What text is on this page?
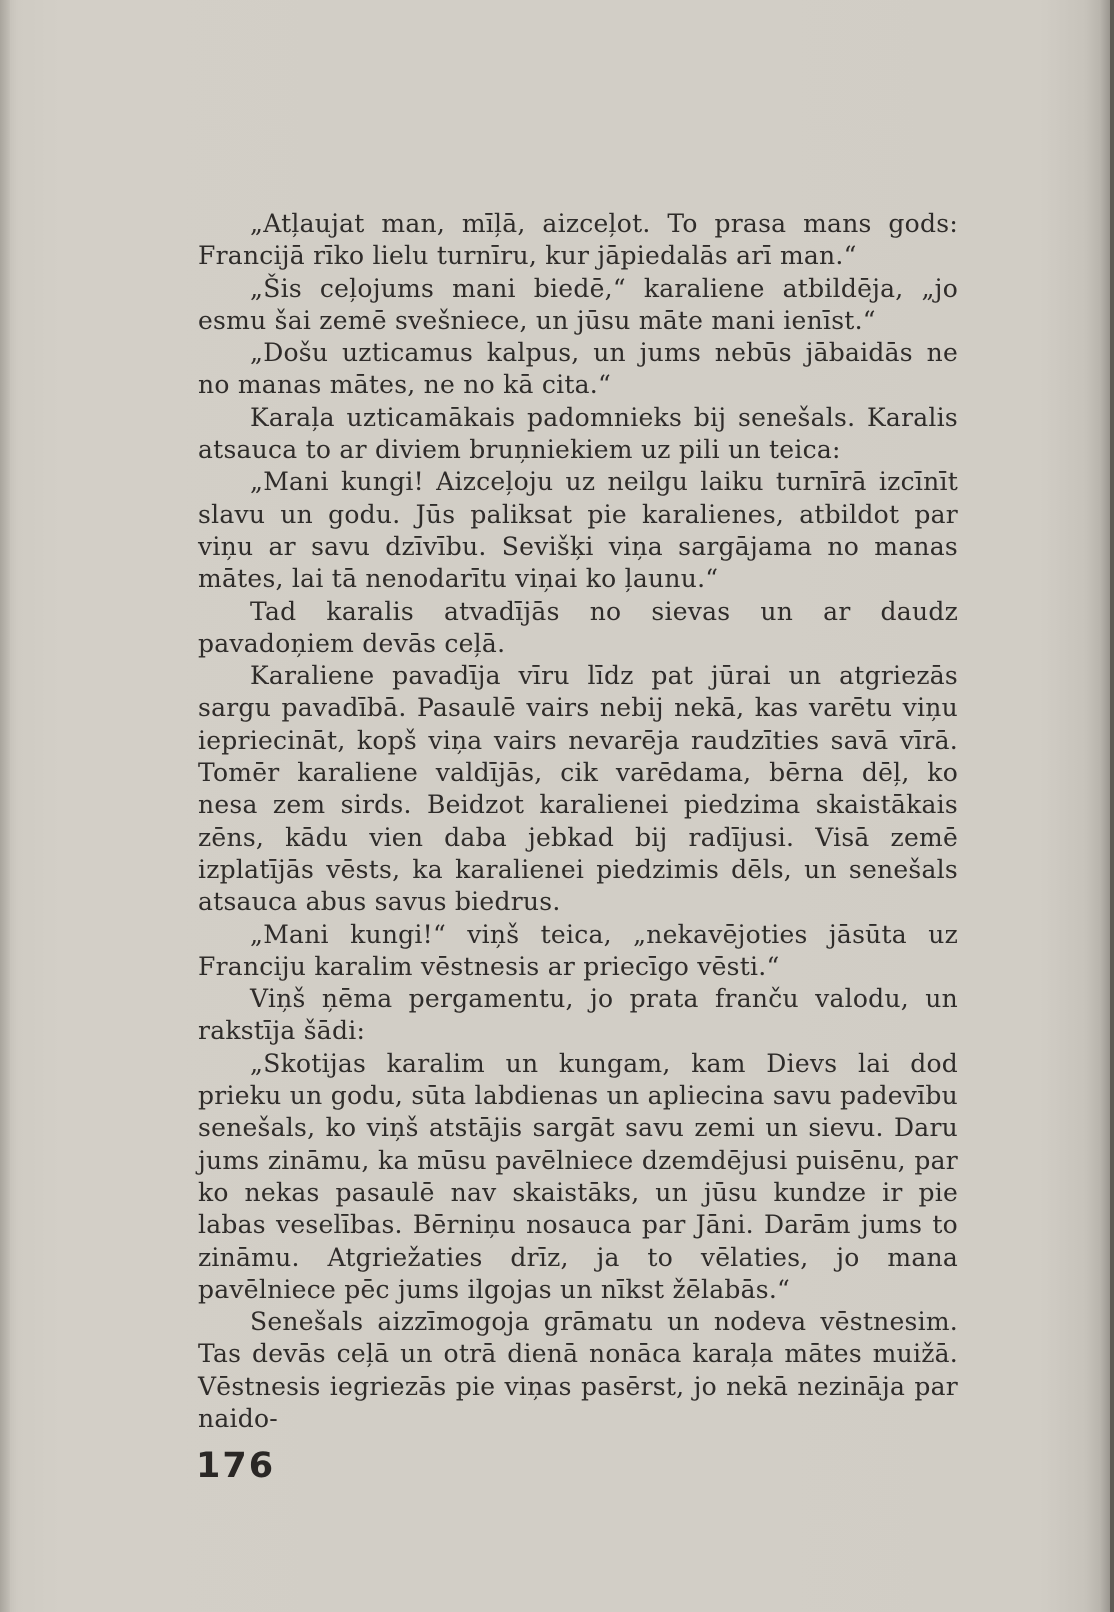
„Atļaujat man, mīļā, aizceļot. To prasa mans gods: Francijā rīko lielu turnīru, kur jāpiedalās arī man.“

„Šis ceļojums mani biedē,“ karaliene atbildēja, „jo esmu šai zemē svešniece, un jūsu māte mani ienīst.“

„Došu uzticamus kalpus, un jums nebūs jābaidās ne no manas mātes, ne no kā cita.“

Karaļa uzticamākais padomnieks bij senešals. Karalis atsauca to ar diviem bruņniekiem uz pili un teica:

„Mani kungi! Aizceļoju uz neilgu laiku turnīrā izcīnīt slavu un godu. Jūs paliksat pie karalienes, atbildot par viņu ar savu dzīvību. Sevišķi viņa sargājama no manas mātes, lai tā nenodarītu viņai ko ļaunu.“

Tad karalis atvadījās no sievas un ar daudz pavadoņiem devās ceļā.

Karaliene pavadīja vīru līdz pat jūrai un atgriezās sargu pavadībā. Pasaulē vairs nebij nekā, kas varētu viņu iepriecināt, kopš viņa vairs nevarēja raudzīties savā vīrā. Tomēr karaliene valdījās, cik varēdama, bērna dēļ, ko nesa zem sirds. Beidzot karalienei piedzima skaistākais zēns, kādu vien daba jebkad bij radījusi. Visā zemē izplatījās vēsts, ka karalienei piedzimis dēls, un senešals atsauca abus savus biedrus.

„Mani kungi!“ viņš teica, „nekavējoties jāsūta uz Franciju karalim vēstnesis ar priecīgo vēsti.“

Viņš ņēma pergamentu, jo prata franču valodu, un rakstīja šādi:

„Skotijas karalim un kungam, kam Dievs lai dod prieku un godu, sūta labdienas un apliecina savu padevību senešals, ko viņš atstājis sargāt savu zemi un sievu. Daru jums zināmu, ka mūsu pavēlniece dzemdējusi puisēnu, par ko nekas pasaulē nav skaistāks, un jūsu kundze ir pie labas veselības. Bērniņu nosauca par Jāni. Darām jums to zināmu. Atgriežaties drīz, ja to vēlaties, jo mana pavēlniece pēc jums ilgojas un nīkst žēlabās.“

Senešals aizzīmogoja grāmatu un nodeva vēstnesim. Tas devās ceļā un otrā dienā nonāca karaļa mātes muižā. Vēstnesis iegriezās pie viņas pasērst, jo nekā nezināja par naido-

176
